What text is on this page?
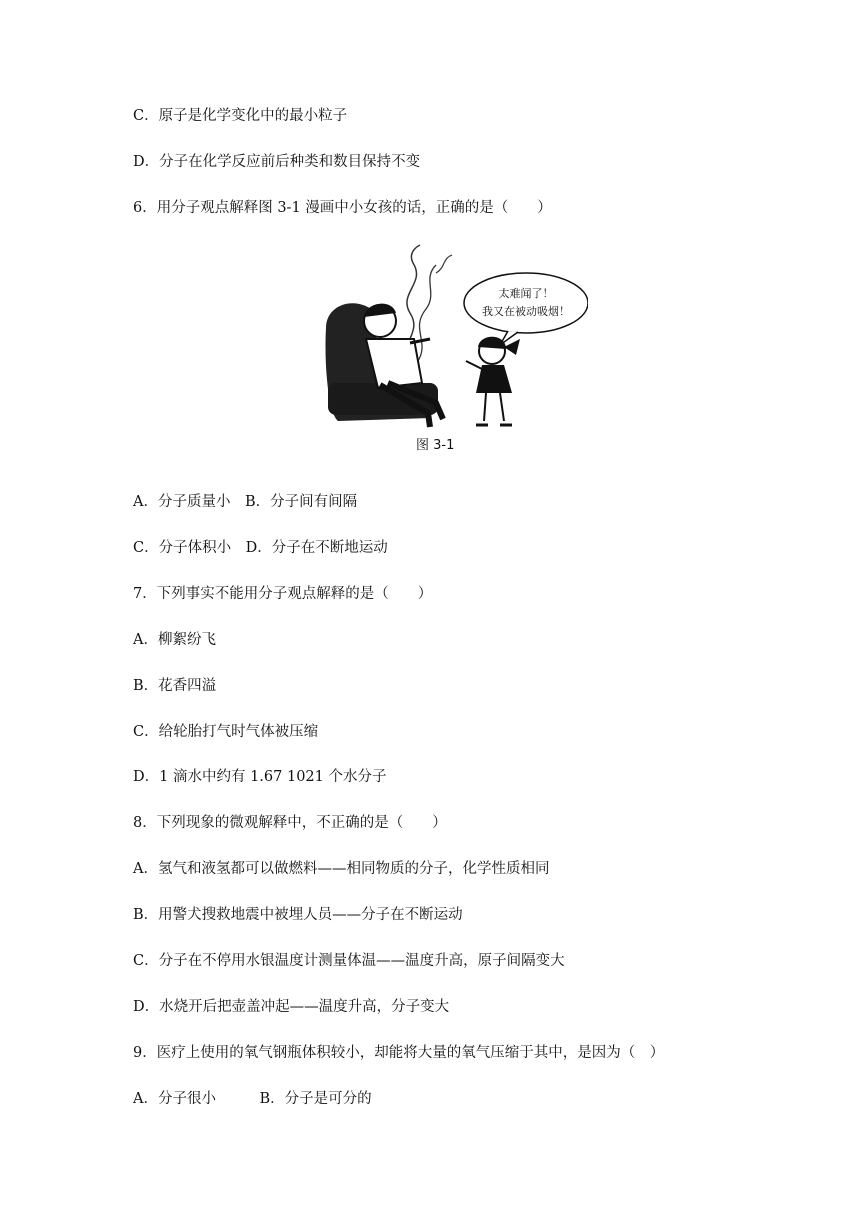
C．原子是化学变化中的最小粒子
D．分子在化学反应前后种类和数目保持不变
6．用分子观点解释图 3-1 漫画中小女孩的话，正确的是（　　）
太难闻了！
我又在被动吸烟！
图 3-1
A．分子质量小　B．分子间有间隔
C．分子体积小　D．分子在不断地运动
7．下列事实不能用分子观点解释的是（　　）
A．柳絮纷飞
B．花香四溢
C．给轮胎打气时气体被压缩
D．1 滴水中约有 1.67 1021 个水分子
8．下列现象的微观解释中，不正确的是（　　）
A．氢气和液氢都可以做燃料——相同物质的分子，化学性质相同
B．用警犬搜救地震中被埋人员——分子在不断运动
C．分子在不停用水银温度计测量体温——温度升高，原子间隔变大
D．水烧开后把壶盖冲起——温度升高，分子变大
9．医疗上使用的氧气钢瓶体积较小，却能将大量的氧气压缩于其中，是因为（　）
A．分子很小　　　B．分子是可分的
